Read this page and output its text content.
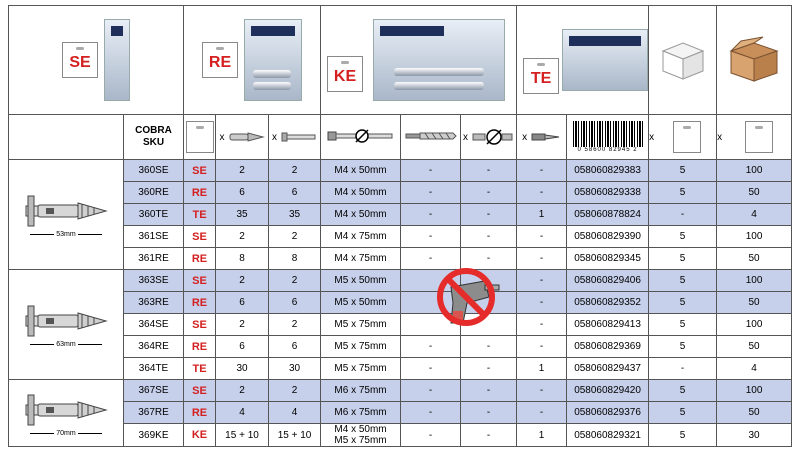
SE		RE			KE			TE

	COBRA SKU		x	x			x	x	0 58600 82945 2	x	x

53mm	360SE	SE	2	2	M4 x 50mm	-	-	-	058060829383	5	100
	360RE	RE	6	6	M4 x 50mm	-	-	-	058060829338	5	50
	360TE	TE	35	35	M4 x 50mm	-	-	1	058060878824	-	4
	361SE	SE	2	2	M4 x 75mm	-	-	-	058060829390	5	100
	361RE	RE	8	8	M4 x 75mm	-	-	-	058060829345	5	50

63mm	363SE	SE	2	2	M5 x 50mm			-	058060829406	5	100
	363RE	RE	6	6	M5 x 50mm			-	058060829352	5	50
	364SE	SE	2	2	M5 x 75mm			-	058060829413	5	100
	364RE	RE	6	6	M5 x 75mm	-	-	-	058060829369	5	50
	364TE	TE	30	30	M5 x 75mm	-	-	1	058060829437	-	4

70mm	367SE	SE	2	2	M6 x 75mm	-	-	-	058060829420	5	100
	367RE	RE	4	4	M6 x 75mm	-	-	-	058060829376	5	50
	369KE	KE	15 + 10	15 + 10	M4 x 50mm
M5 x 75mm	-	-	1	058060829321	5	30
